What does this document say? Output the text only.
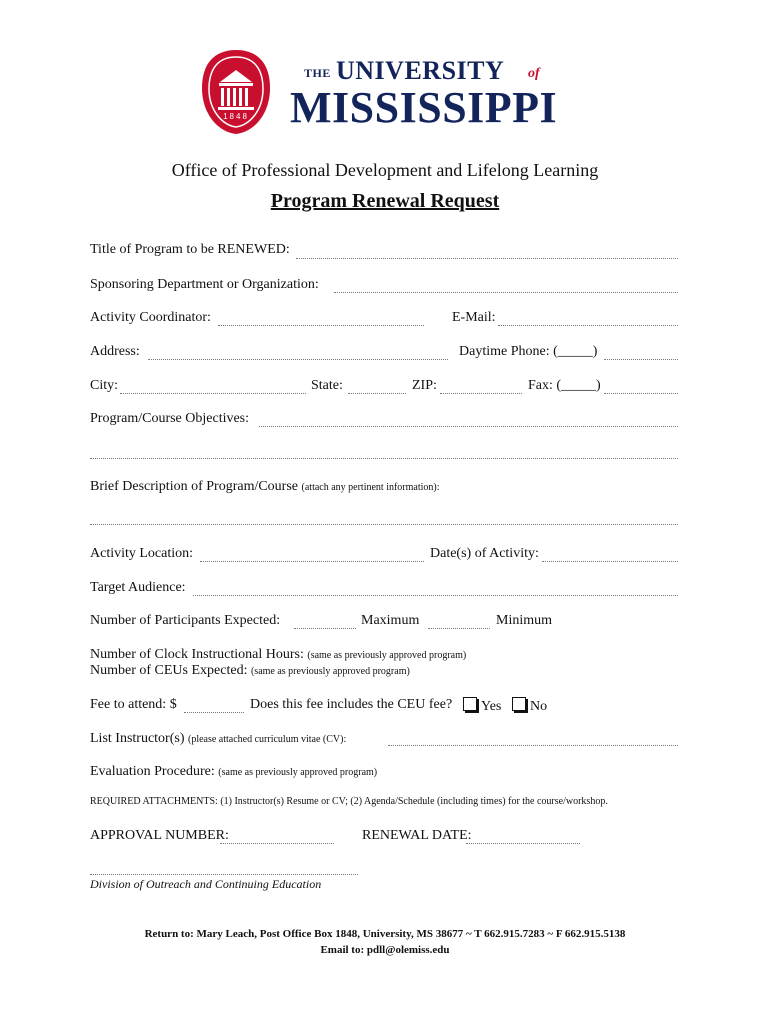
1848
THE UNIVERSITY of
MISSISSIPPI
Office of Professional Development and Lifelong Learning
Program Renewal Request
Title of Program to be RENEWED:
Sponsoring Department or Organization:
Activity Coordinator:	E-Mail:
Address:	Daytime Phone: (_____)
City:	State:	ZIP:	Fax: (_____)
Program/Course Objectives:
Brief Description of Program/Course (attach any pertinent information):
Activity Location:	Date(s) of Activity:
Target Audience:
Number of Participants Expected:	Maximum	Minimum
Number of Clock Instructional Hours: (same as previously approved program)
Number of CEUs Expected: (same as previously approved program)
Fee to attend: $	Does this fee includes the CEU fee?	Yes	No
List Instructor(s) (please attached curriculum vitae (CV):
Evaluation Procedure: (same as previously approved program)
REQUIRED ATTACHMENTS: (1) Instructor(s) Resume or CV; (2) Agenda/Schedule (including times) for the course/workshop.
APPROVAL NUMBER:	RENEWAL DATE:
Division of Outreach and Continuing Education
Return to: Mary Leach, Post Office Box 1848, University, MS 38677 ~ T 662.915.7283 ~ F 662.915.5138
Email to: pdll@olemiss.edu
